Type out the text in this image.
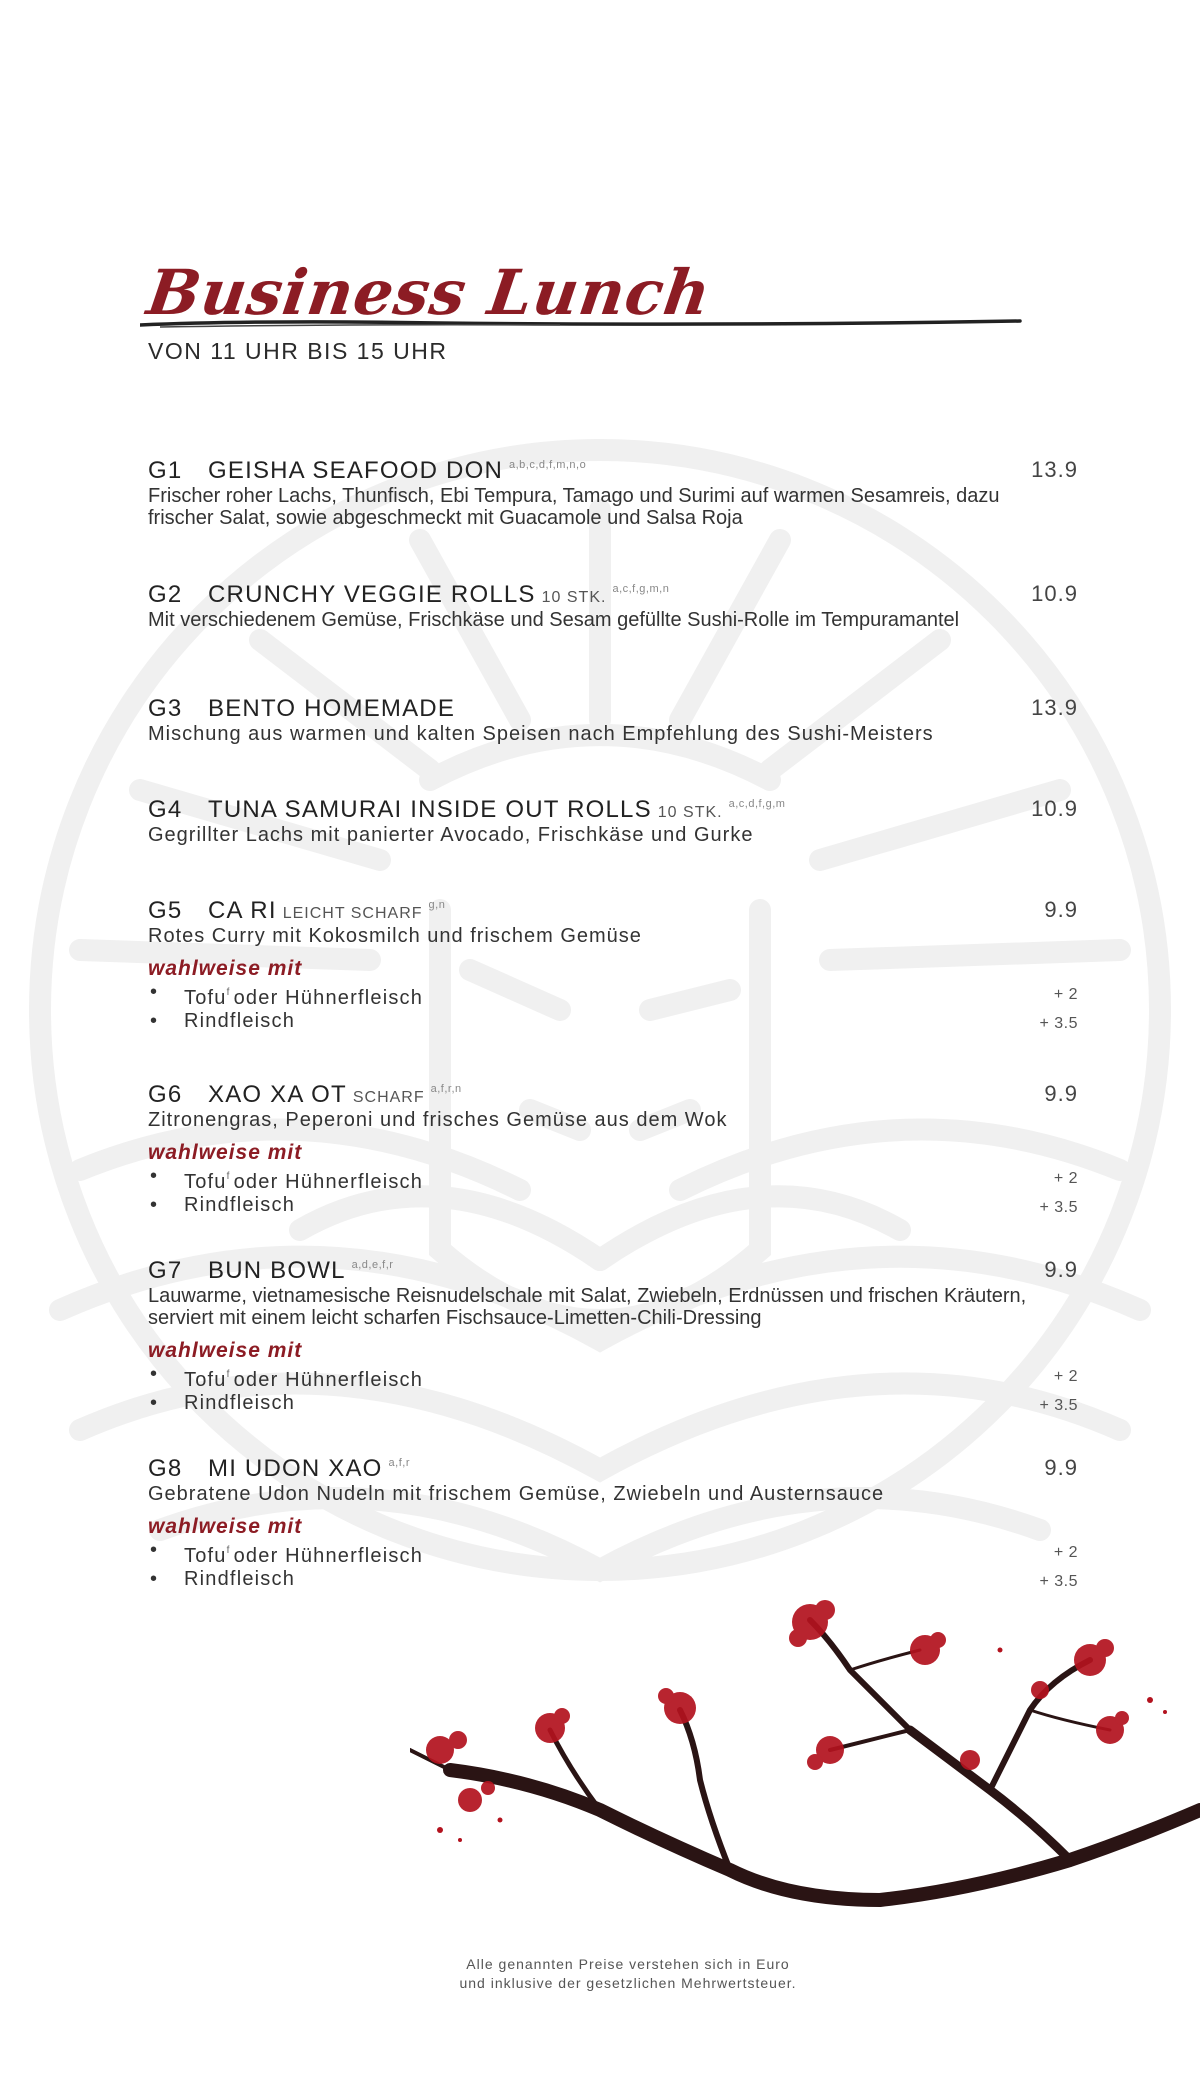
Business Lunch
VON 11 UHR BIS 15 UHR
G1 GEISHA SEAFOOD DON $^{a,b,c,d,f,m,n,o}$	13.9
Frischer roher Lachs, Thunfisch, Ebi Tempura, Tamago und Surimi auf warmen Sesamreis, dazu frischer Salat, sowie abgeschmeckt mit Guacamole und Salsa Roja
G2 CRUNCHY VEGGIE ROLLS 10 STK. $^{a,c,f,g,m,n}$	10.9
Mit verschiedenem Gemüse, Frischkäse und Sesam gefüllte Sushi-Rolle im Tempuramantel
G3 BENTO HOMEMADE	13.9
Mischung aus warmen und kalten Speisen nach Empfehlung des Sushi-Meisters
G4 TUNA SAMURAI INSIDE OUT ROLLS 10 STK. $^{a,c,d,f,g,m}$	10.9
Gegrillter Lachs mit panierter Avocado, Frischkäse und Gurke
G5 CA RI LEICHT SCHARF $^{g,n}$	9.9
Rotes Curry mit Kokosmilch und frischem Gemüse
wahlweise mit
• Tofu$^f$ oder Hühnerfleisch	+ 2
• Rindfleisch	+ 3.5
G6 XAO XA OT SCHARF $^{a,f,r,n}$	9.9
Zitronengras, Peperoni und frisches Gemüse aus dem Wok
wahlweise mit
• Tofu$^f$ oder Hühnerfleisch	+ 2
• Rindfleisch	+ 3.5
G7 BUN BOWL $^{a,d,e,f,r}$	9.9
Lauwarme, vietnamesische Reisnudelschale mit Salat, Zwiebeln, Erdnüssen und frischen Kräutern, serviert mit einem leicht scharfen Fischsauce-Limetten-Chili-Dressing
wahlweise mit
• Tofu$^f$ oder Hühnerfleisch	+ 2
• Rindfleisch	+ 3.5
G8 MI UDON XAO $^{a,f,r}$	9.9
Gebratene Udon Nudeln mit frischem Gemüse, Zwiebeln und Austernsauce
wahlweise mit
• Tofu$^f$ oder Hühnerfleisch	+ 2
• Rindfleisch	+ 3.5
Alle genannten Preise verstehen sich in Euro
und inklusive der gesetzlichen Mehrwertsteuer.
